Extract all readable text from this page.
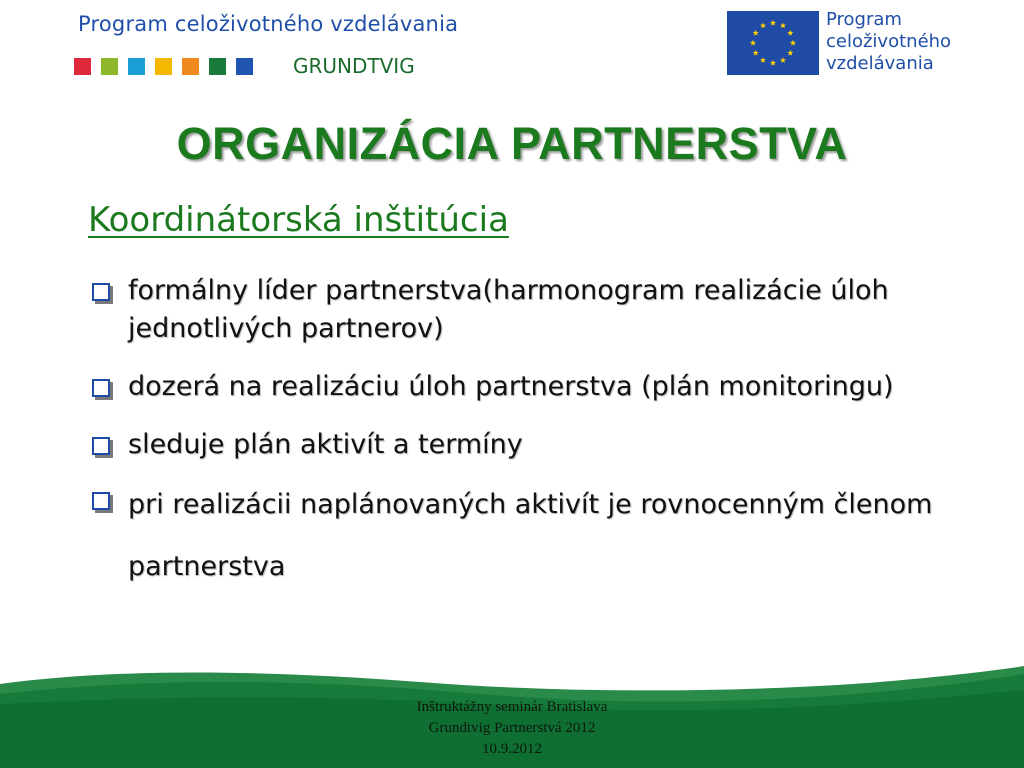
Program celoživotného vzdelávania
GRUNDTVIG
Program
celoživotného
vzdelávania
ORGANIZÁCIA PARTNERSTVA
Koordinátorská inštitúcia
formálny líder partnerstva(harmonogram realizácie úloh jednotlivých partnerov)
dozerá na realizáciu úloh partnerstva (plán monitoringu)
sleduje plán aktivít a termíny
pri realizácii naplánovaných aktivít je rovnocenným členom partnerstva
Inštruktážny seminár Bratislava
Grundtvig Partnerstvá 2012
10.9.2012
